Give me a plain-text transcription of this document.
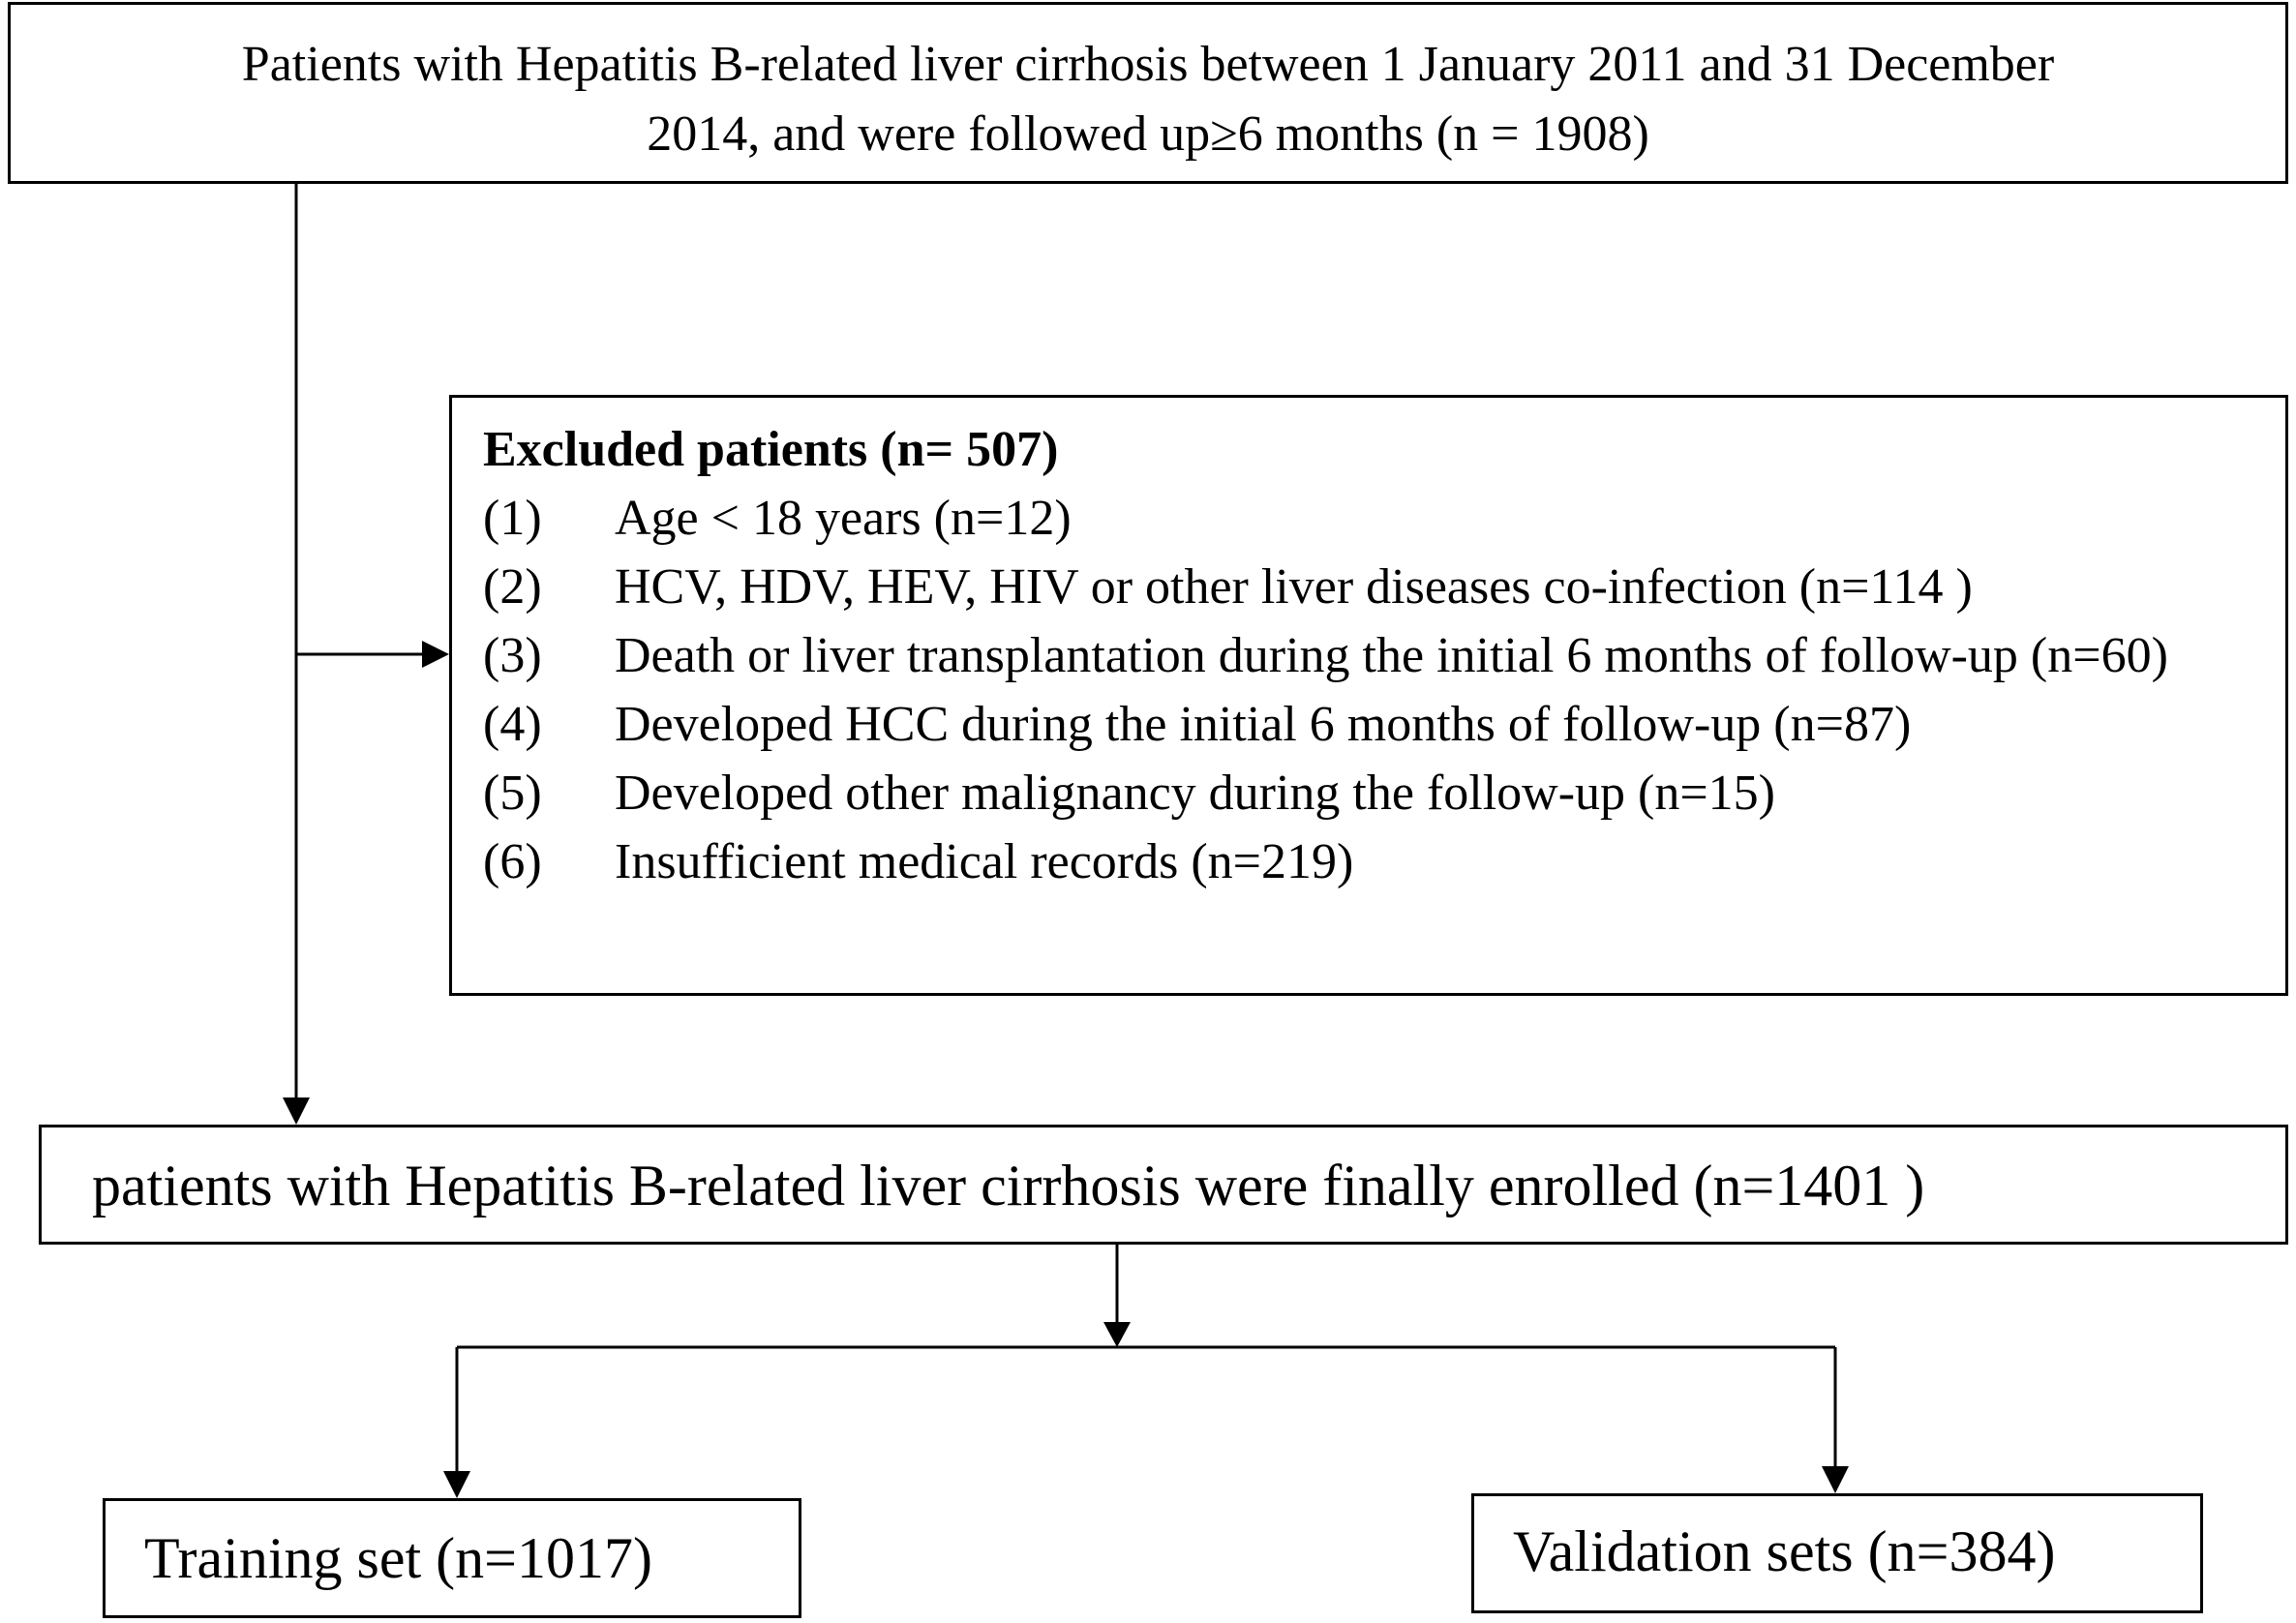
Patients with Hepatitis B-related liver cirrhosis between 1 January 2011 and 31 December
2014, and were followed up≥6 months (n = 1908)
Excluded patients (n= 507)
(1)	Age < 18 years (n=12)
(2)	HCV, HDV, HEV, HIV or other liver diseases co-infection (n=114 )
(3)	Death or liver transplantation during the initial 6 months of follow-up (n=60)
(4)	Developed HCC during the initial 6 months of follow-up (n=87)
(5)	Developed other malignancy during the follow-up (n=15)
(6)	Insufficient medical records (n=219)
patients with Hepatitis B-related liver cirrhosis were finally enrolled (n=1401 )
Training set (n=1017)	Validation sets (n=384)
